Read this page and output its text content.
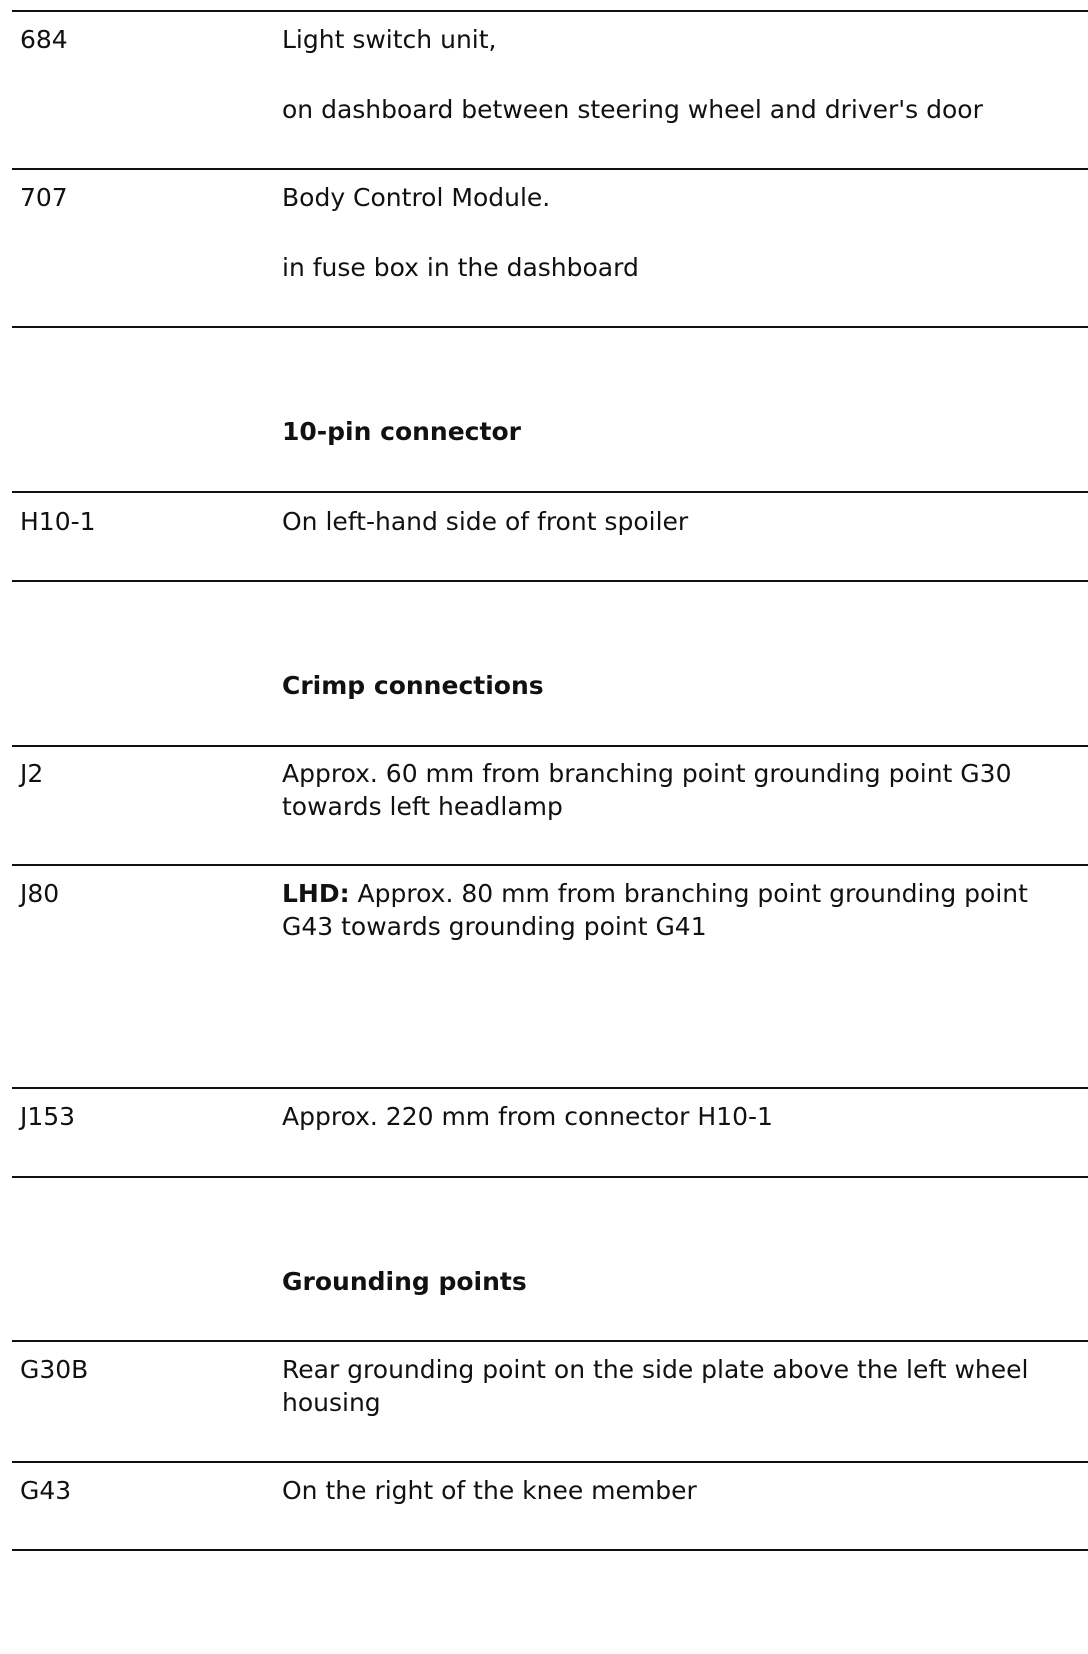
684	Light switch unit,
on dashboard between steering wheel and driver's door
707	Body Control Module.
in fuse box in the dashboard
10-pin connector
H10-1	On left-hand side of front spoiler
Crimp connections
J2	Approx. 60 mm from branching point grounding point G30 towards left headlamp
J80	LHD: Approx. 80 mm from branching point grounding point G43 towards grounding point G41
J153	Approx. 220 mm from connector H10-1
Grounding points
G30B	Rear grounding point on the side plate above the left wheel housing
G43	On the right of the knee member
